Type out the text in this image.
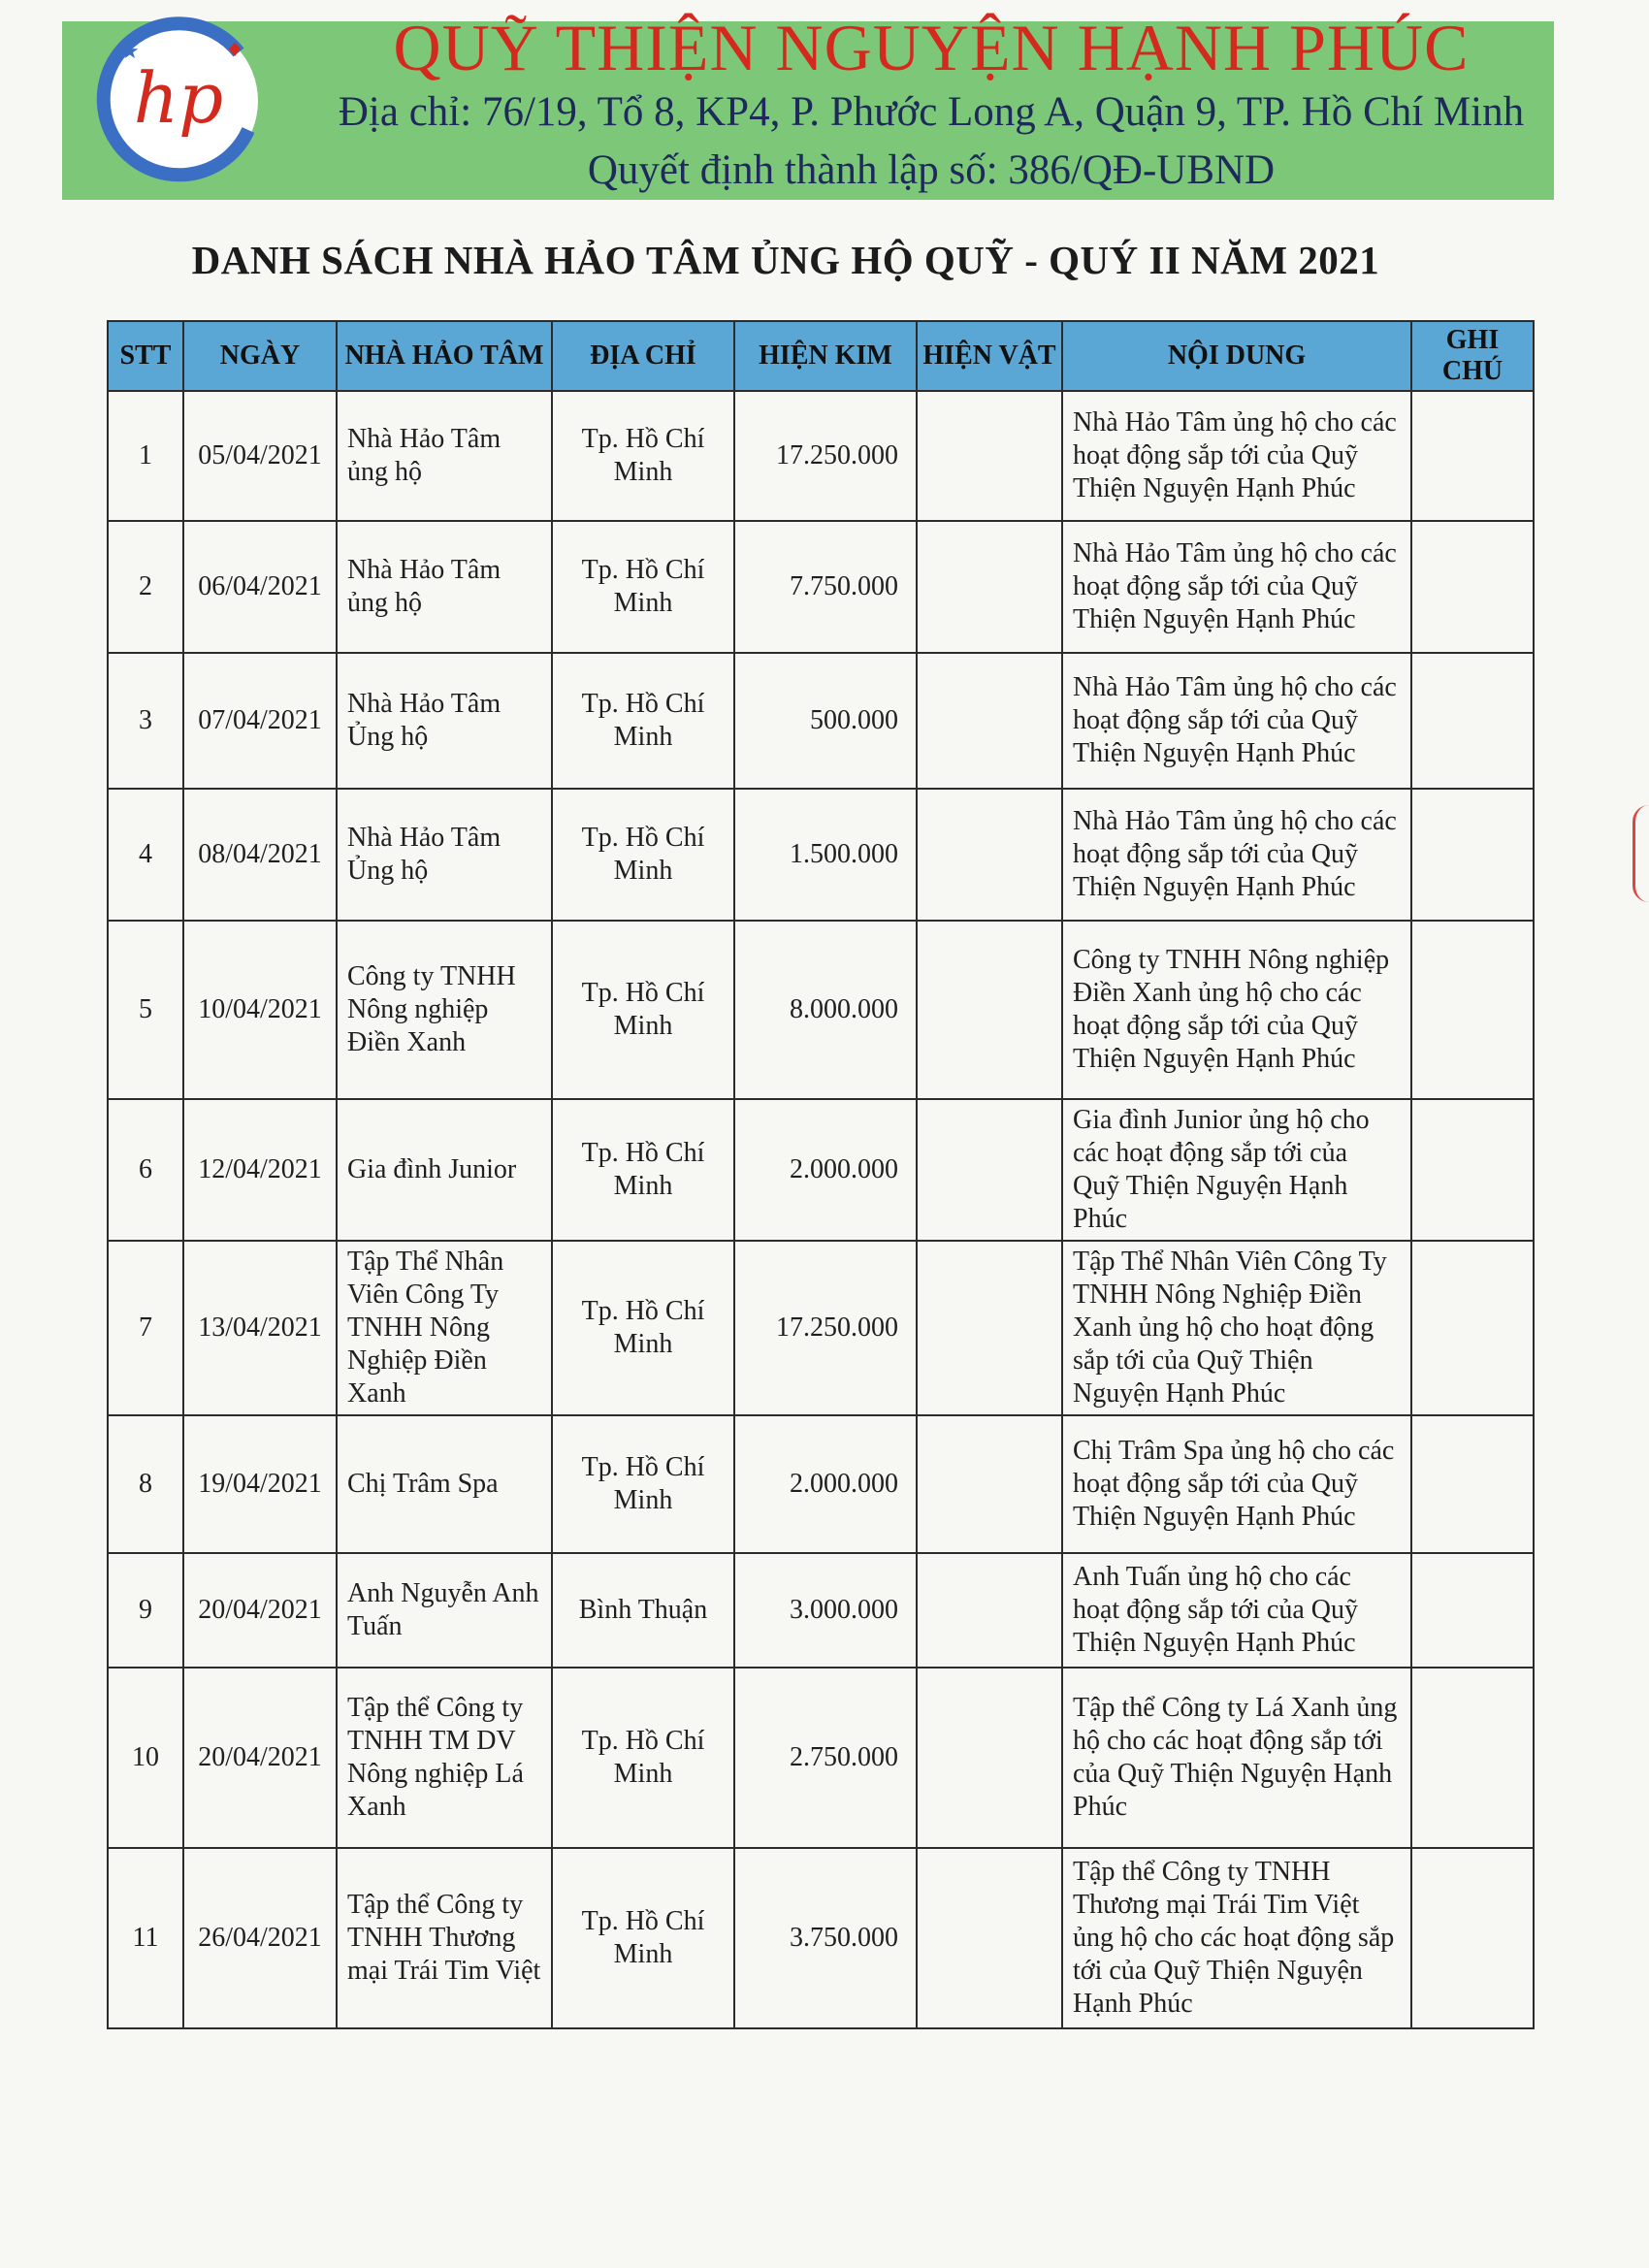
hp
★	QUỸ THIỆN NGUYỆN HẠNH PHÚC
Địa chỉ: 76/19, Tổ 8, KP4, P. Phước Long A, Quận 9, TP. Hồ Chí Minh
Quyết định thành lập số: 386/QĐ-UBND
DANH SÁCH NHÀ HẢO TÂM ỦNG HỘ QUỸ - QUÝ II NĂM 2021
STT	NGÀY	NHÀ HẢO TÂM	ĐỊA CHỈ	HIỆN KIM	HIỆN VẬT	NỘI DUNG	GHI CHÚ
1	05/04/2021	Nhà Hảo Tâm ủng hộ	Tp. Hồ Chí Minh	17.250.000		Nhà Hảo Tâm ủng hộ cho các hoạt động sắp tới của Quỹ Thiện Nguyện Hạnh Phúc	
2	06/04/2021	Nhà Hảo Tâm ủng hộ	Tp. Hồ Chí Minh	7.750.000		Nhà Hảo Tâm ủng hộ cho các hoạt động sắp tới của Quỹ Thiện Nguyện Hạnh Phúc	
3	07/04/2021	Nhà Hảo Tâm Ủng hộ	Tp. Hồ Chí Minh	500.000		Nhà Hảo Tâm ủng hộ cho các hoạt động sắp tới của Quỹ Thiện Nguyện Hạnh Phúc	
4	08/04/2021	Nhà Hảo Tâm Ủng hộ	Tp. Hồ Chí Minh	1.500.000		Nhà Hảo Tâm ủng hộ cho các hoạt động sắp tới của Quỹ Thiện Nguyện Hạnh Phúc	
5	10/04/2021	Công ty TNHH Nông nghiệp Điền Xanh	Tp. Hồ Chí Minh	8.000.000		Công ty TNHH Nông nghiệp Điền Xanh ủng hộ cho các hoạt động sắp tới của Quỹ Thiện Nguyện Hạnh Phúc	
6	12/04/2021	Gia đình Junior	Tp. Hồ Chí Minh	2.000.000		Gia đình Junior ủng hộ cho các hoạt động sắp tới của Quỹ Thiện Nguyện Hạnh Phúc	
7	13/04/2021	Tập Thể Nhân Viên Công Ty TNHH Nông Nghiệp Điền Xanh	Tp. Hồ Chí Minh	17.250.000		Tập Thể Nhân Viên Công Ty TNHH Nông Nghiệp Điền Xanh ủng hộ cho hoạt động sắp tới của Quỹ Thiện Nguyện Hạnh Phúc	
8	19/04/2021	Chị Trâm Spa	Tp. Hồ Chí Minh	2.000.000		Chị Trâm Spa ủng hộ cho các hoạt động sắp tới của Quỹ Thiện Nguyện Hạnh Phúc	
9	20/04/2021	Anh Nguyễn Anh Tuấn	Bình Thuận	3.000.000		Anh Tuấn ủng hộ cho các hoạt động sắp tới của Quỹ Thiện Nguyện Hạnh Phúc	
10	20/04/2021	Tập thể Công ty TNHH TM DV Nông nghiệp Lá Xanh	Tp. Hồ Chí Minh	2.750.000		Tập thể Công ty Lá Xanh ủng hộ cho các hoạt động sắp tới của Quỹ Thiện Nguyện Hạnh Phúc	
11	26/04/2021	Tập thể Công ty TNHH Thương mại Trái Tim Việt	Tp. Hồ Chí Minh	3.750.000		Tập thể Công ty TNHH Thương mại Trái Tim Việt ủng hộ cho các hoạt động sắp tới của Quỹ Thiện Nguyện Hạnh Phúc	
